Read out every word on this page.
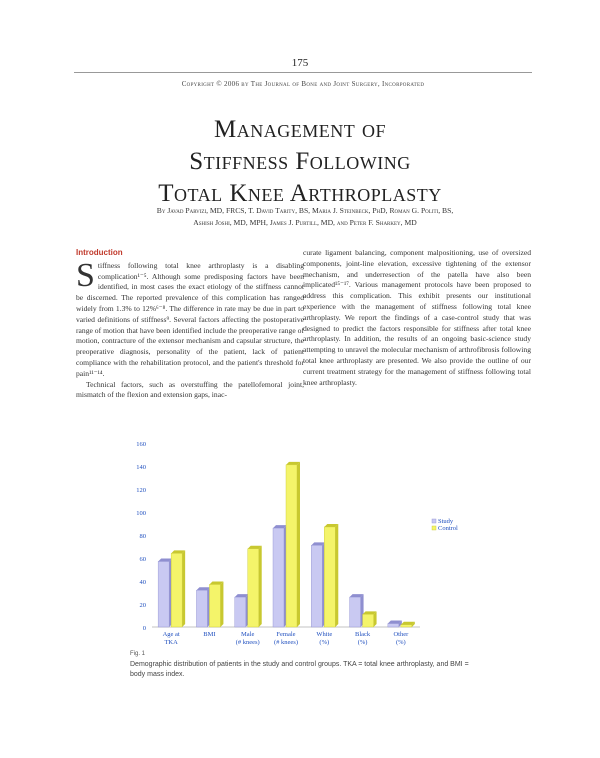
175
Copyright © 2006 by The Journal of Bone and Joint Surgery, Incorporated
Management of
Stiffness Following
Total Knee Arthroplasty
By Javad Parvizi, MD, FRCS, T. David Tarity, BS, Maria J. Steinbeck, PhD, Roman G. Politi, BS,
Ashish Joshi, MD, MPH, James J. Purtill, MD, and Peter F. Sharkey, MD
Introduction

Stiffness following total knee arthroplasty is a disabling complication¹⁻⁵. Although some predisposing factors have been identified, in most cases the exact etiology of the stiffness cannot be discerned. The reported prevalence of this complication has ranged widely from 1.3% to 12%⁶⁻⁸. The difference in rate may be due in part to varied definitions of stiffness⁹. Several factors affecting the postoperative range of motion that have been identified include the preoperative range of motion, contracture of the extensor mechanism and capsular structure, the preoperative diagnosis, personality of the patient, lack of patient compliance with the rehabilitation protocol, and the patient's threshold for pain¹¹⁻¹⁴.

Technical factors, such as overstuffing the patellofemoral joint, mismatch of the flexion and extension gaps, inac-

curate ligament balancing, component malpositioning, use of oversized components, joint-line elevation, excessive tightening of the extensor mechanism, and underresection of the patella have also been implicated¹⁵⁻¹⁷. Various management protocols have been proposed to address this complication. This exhibit presents our institutional experience with the management of stiffness following total knee arthroplasty. We report the findings of a case-control study that was designed to predict the factors responsible for stiffness after total knee arthroplasty. In addition, the results of an ongoing basic-science study attempting to unravel the molecular mechanism of arthrofibrosis following total knee arthroplasty are presented. We also provide the outline of our current treatment strategy for the management of stiffness following total knee arthroplasty.

0
20
40
60
80
100
120
140
160
Age at
TKA
BMI	Male
(# knees)
Female
(# knees)
White
(%)
Black
(%)
Other
(%)
Study
Control
Fig. 1
Demographic distribution of patients in the study and control groups. TKA = total knee arthroplasty, and BMI = body mass index.
